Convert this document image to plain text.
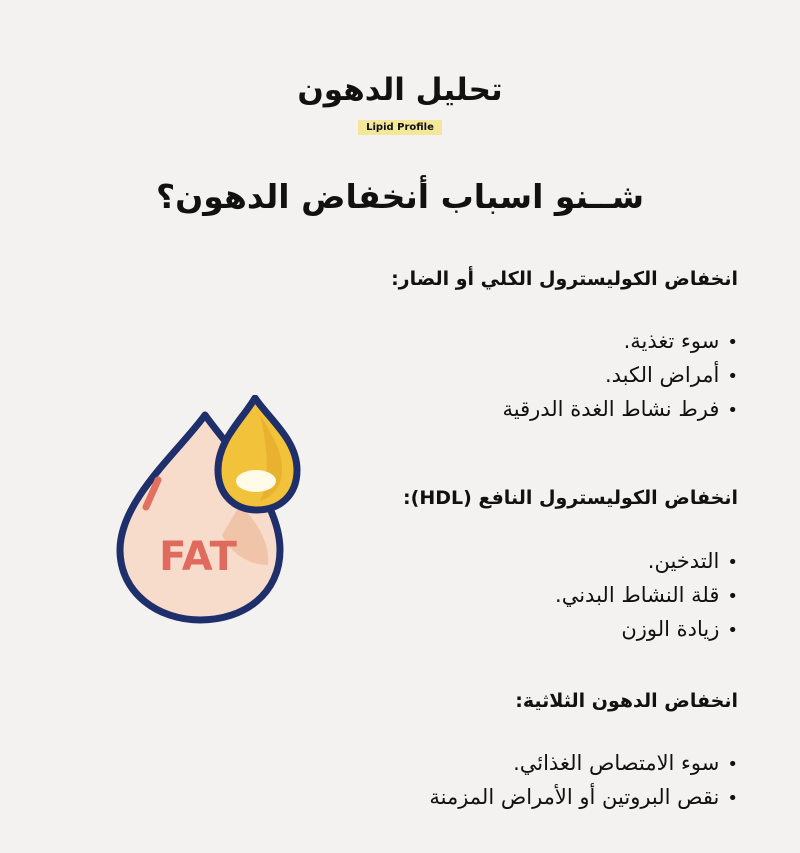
تحليل الدهون
Lipid Profile
شــنو اسباب أنخفاض الدهون؟
FAT
انخفاض الكوليسترول الكلي أو الضار:
•سوء تغذية.
•أمراض الكبد.
•فرط نشاط الغدة الدرقية
انخفاض الكوليسترول النافع (HDL):
•التدخين.
•قلة النشاط البدني.
•زيادة الوزن
انخفاض الدهون الثلاثية:
•سوء الامتصاص الغذائي.
•نقص البروتين أو الأمراض المزمنة
